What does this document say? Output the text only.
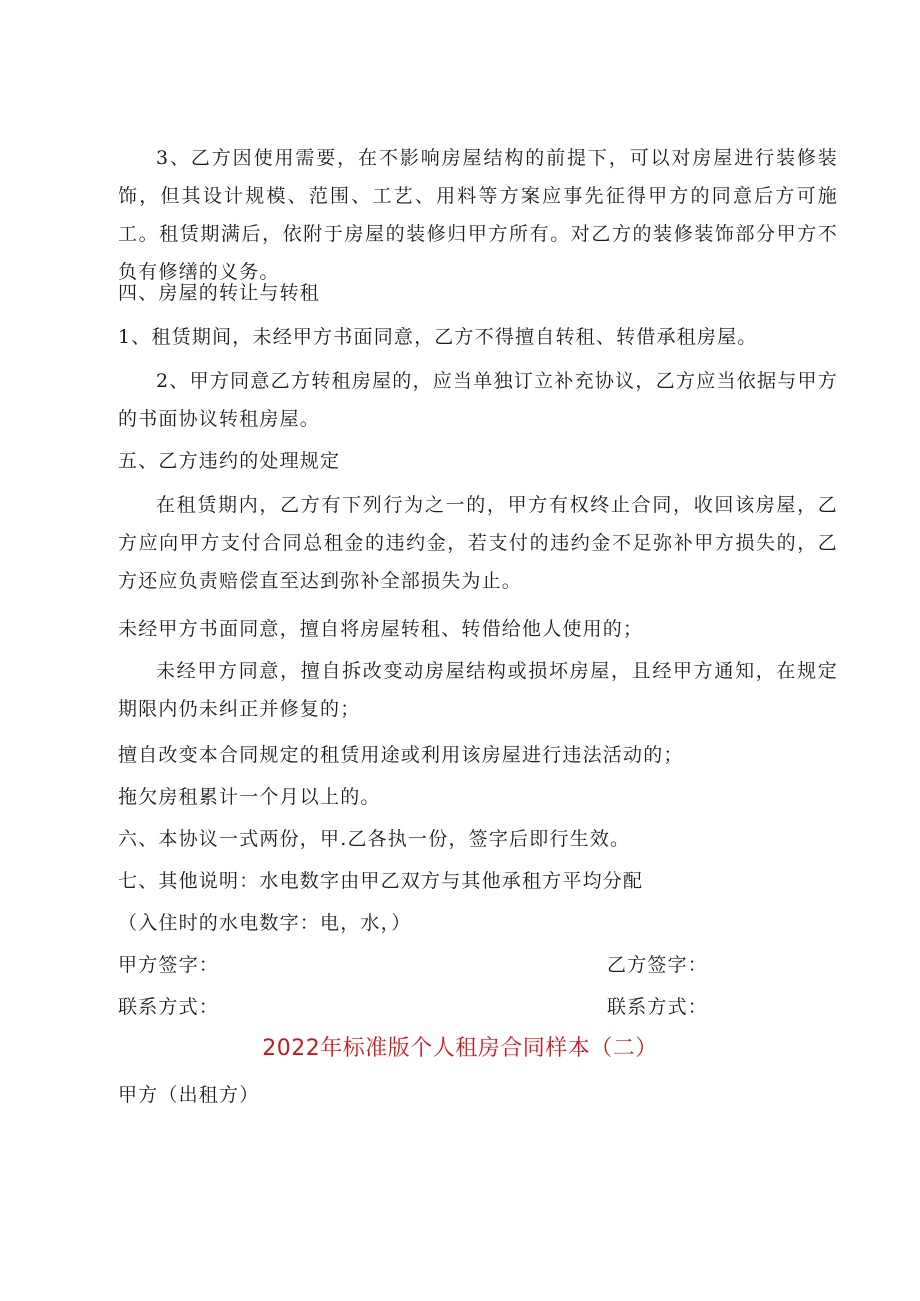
3、乙方因使用需要，在不影响房屋结构的前提下，可以对房屋进行装修装饰，但其设计规模、范围、工艺、用料等方案应事先征得甲方的同意后方可施工。租赁期满后，依附于房屋的装修归甲方所有。对乙方的装修装饰部分甲方不负有修缮的义务。

四、房屋的转让与转租

1、租赁期间，未经甲方书面同意，乙方不得擅自转租、转借承租房屋。

2、甲方同意乙方转租房屋的，应当单独订立补充协议，乙方应当依据与甲方的书面协议转租房屋。

五、乙方违约的处理规定

在租赁期内，乙方有下列行为之一的，甲方有权终止合同，收回该房屋，乙方应向甲方支付合同总租金的违约金，若支付的违约金不足弥补甲方损失的，乙方还应负责赔偿直至达到弥补全部损失为止。

未经甲方书面同意，擅自将房屋转租、转借给他人使用的；

未经甲方同意，擅自拆改变动房屋结构或损坏房屋，且经甲方通知，在规定期限内仍未纠正并修复的；

擅自改变本合同规定的租赁用途或利用该房屋进行违法活动的；

拖欠房租累计一个月以上的。

六、本协议一式两份，甲.乙各执一份，签字后即行生效。

七、其他说明：水电数字由甲乙双方与其他承租方平均分配

（入住时的水电数字：电，水，）

甲方签字：	乙方签字：

联系方式：	联系方式：

2022年标准版个人租房合同样本（二）

甲方（出租方）
